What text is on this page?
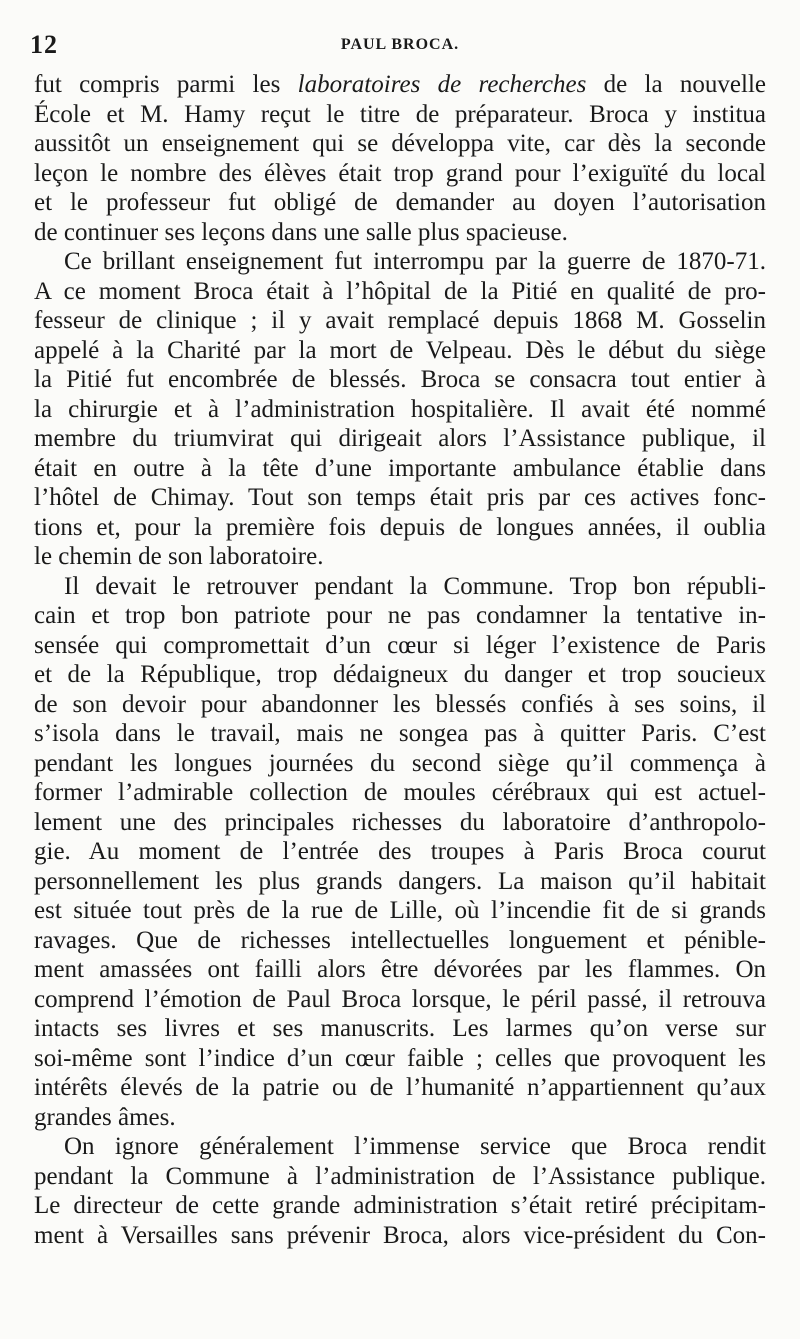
12	PAUL BROCA.
fut compris parmi les laboratoires de recherches de la nouvelle
École et M. Hamy reçut le titre de préparateur. Broca y institua
aussitôt un enseignement qui se développa vite, car dès la seconde
leçon le nombre des élèves était trop grand pour l’exiguïté du local
et le professeur fut obligé de demander au doyen l’autorisation
de continuer ses leçons dans une salle plus spacieuse.
Ce brillant enseignement fut interrompu par la guerre de 1870-71.
A ce moment Broca était à l’hôpital de la Pitié en qualité de pro-
fesseur de clinique ; il y avait remplacé depuis 1868 M. Gosselin
appelé à la Charité par la mort de Velpeau. Dès le début du siège
la Pitié fut encombrée de blessés. Broca se consacra tout entier à
la chirurgie et à l’administration hospitalière. Il avait été nommé
membre du triumvirat qui dirigeait alors l’Assistance publique, il
était en outre à la tête d’une importante ambulance établie dans
l’hôtel de Chimay. Tout son temps était pris par ces actives fonc-
tions et, pour la première fois depuis de longues années, il oublia
le chemin de son laboratoire.
Il devait le retrouver pendant la Commune. Trop bon républi-
cain et trop bon patriote pour ne pas condamner la tentative in-
sensée qui compromettait d’un cœur si léger l’existence de Paris
et de la République, trop dédaigneux du danger et trop soucieux
de son devoir pour abandonner les blessés confiés à ses soins, il
s’isola dans le travail, mais ne songea pas à quitter Paris. C’est
pendant les longues journées du second siège qu’il commença à
former l’admirable collection de moules cérébraux qui est actuel-
lement une des principales richesses du laboratoire d’anthropolo-
gie. Au moment de l’entrée des troupes à Paris Broca courut
personnellement les plus grands dangers. La maison qu’il habitait
est située tout près de la rue de Lille, où l’incendie fit de si grands
ravages. Que de richesses intellectuelles longuement et pénible-
ment amassées ont failli alors être dévorées par les flammes. On
comprend l’émotion de Paul Broca lorsque, le péril passé, il retrouva
intacts ses livres et ses manuscrits. Les larmes qu’on verse sur
soi-même sont l’indice d’un cœur faible ; celles que provoquent les
intérêts élevés de la patrie ou de l’humanité n’appartiennent qu’aux
grandes âmes.
On ignore généralement l’immense service que Broca rendit
pendant la Commune à l’administration de l’Assistance publique.
Le directeur de cette grande administration s’était retiré précipitam-
ment à Versailles sans prévenir Broca, alors vice-président du Con-
